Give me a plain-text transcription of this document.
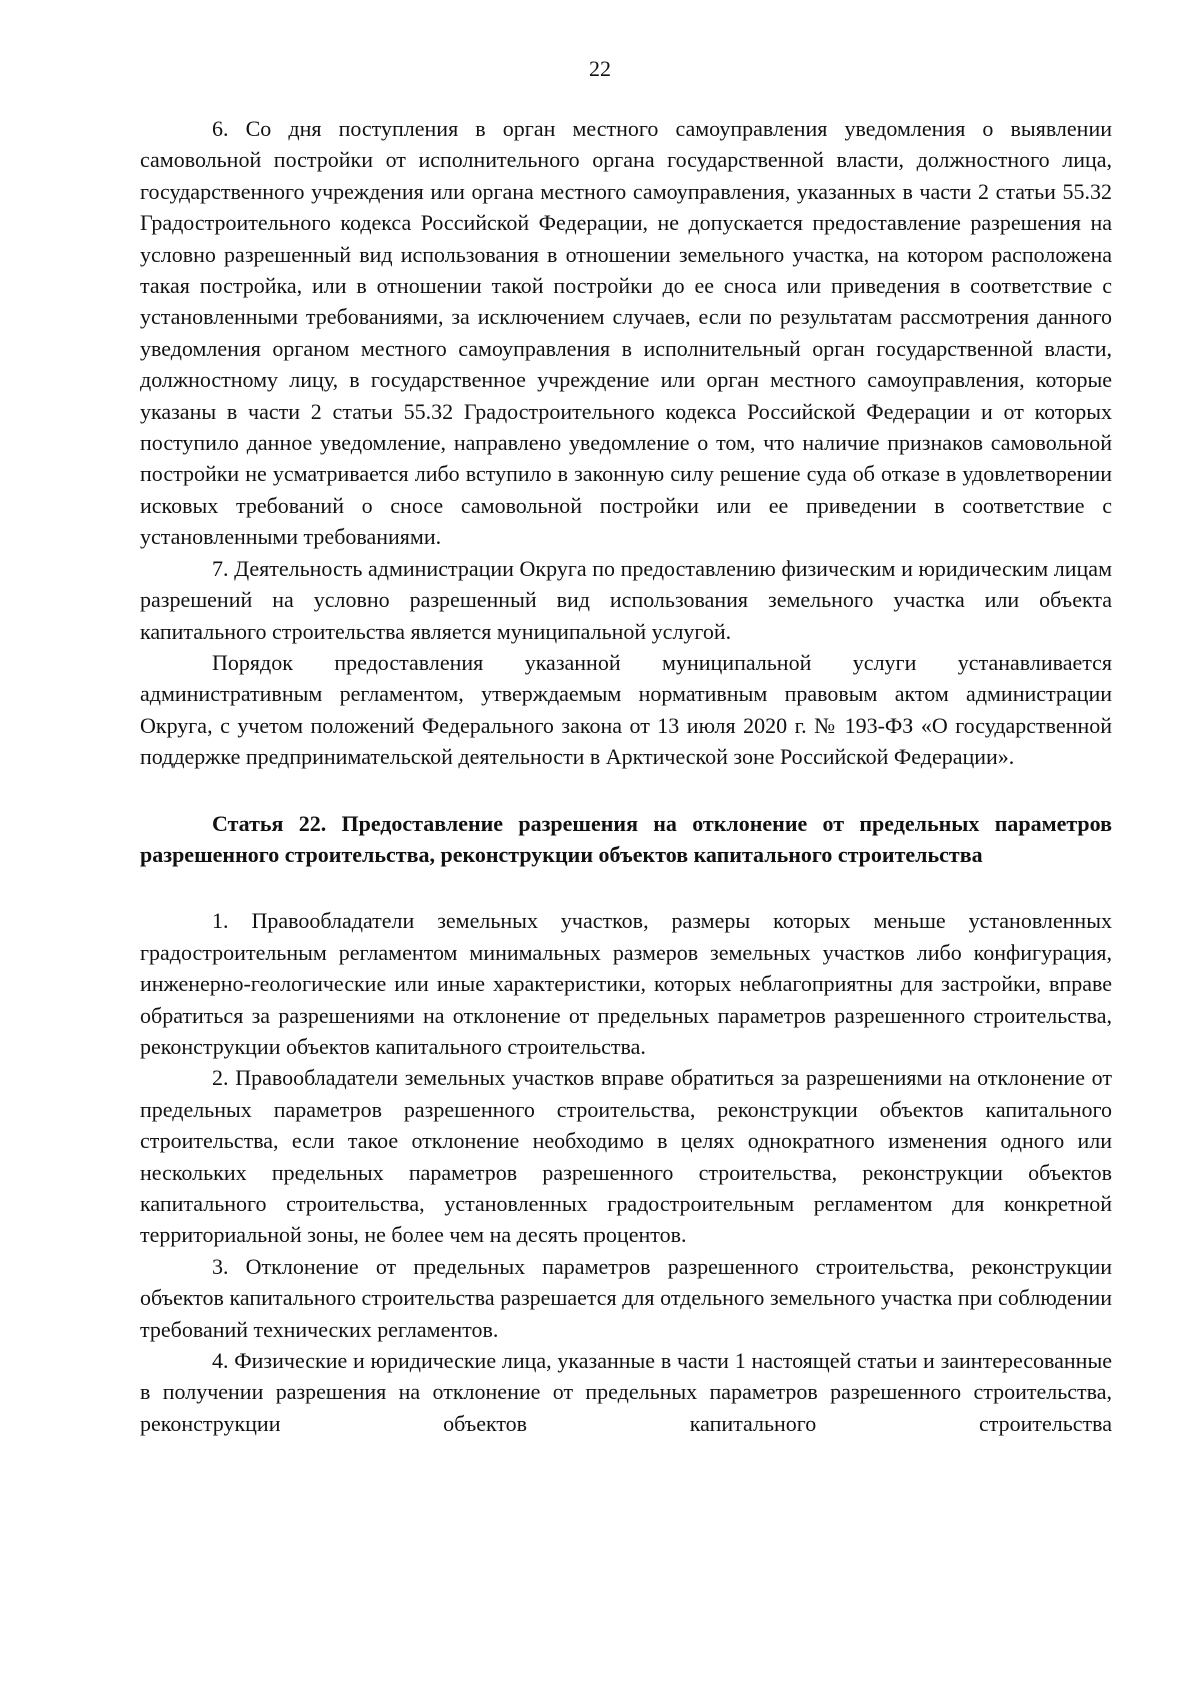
22

6. Со дня поступления в орган местного самоуправления уведомления о выявлении самовольной постройки от исполнительного органа государственной власти, должностного лица, государственного учреждения или органа местного самоуправления, указанных в части 2 статьи 55.32 Градостроительного кодекса Российской Федерации, не допускается предоставление разрешения на условно разрешенный вид использования в отношении земельного участка, на котором расположена такая постройка, или в отношении такой постройки до ее сноса или приведения в соответствие с установленными требованиями, за исключением случаев, если по результатам рассмотрения данного уведомления органом местного самоуправления в исполнительный орган государственной власти, должностному лицу, в государственное учреждение или орган местного самоуправления, которые указаны в части 2 статьи 55.32 Градостроительного кодекса Российской Федерации и от которых поступило данное уведомление, направлено уведомление о том, что наличие признаков самовольной постройки не усматривается либо вступило в законную силу решение суда об отказе в удовлетворении исковых требований о сносе самовольной постройки или ее приведении в соответствие с установленными требованиями.

7. Деятельность администрации Округа по предоставлению физическим и юридическим лицам разрешений на условно разрешенный вид использования земельного участка или объекта капитального строительства является муниципальной услугой.

Порядок предоставления указанной муниципальной услуги устанавливается административным регламентом, утверждаемым нормативным правовым актом администрации Округа, с учетом положений Федерального закона от 13 июля 2020 г. № 193-ФЗ «О государственной поддержке предпринимательской деятельности в Арктической зоне Российской Федерации».

Статья 22. Предоставление разрешения на отклонение от предельных параметров разрешенного строительства, реконструкции объектов капитального строительства

1. Правообладатели земельных участков, размеры которых меньше установленных градостроительным регламентом минимальных размеров земельных участков либо конфигурация, инженерно-геологические или иные характеристики, которых неблагоприятны для застройки, вправе обратиться за разрешениями на отклонение от предельных параметров разрешенного строительства, реконструкции объектов капитального строительства.

2. Правообладатели земельных участков вправе обратиться за разрешениями на отклонение от предельных параметров разрешенного строительства, реконструкции объектов капитального строительства, если такое отклонение необходимо в целях однократного изменения одного или нескольких предельных параметров разрешенного строительства, реконструкции объектов капитального строительства, установленных градостроительным регламентом для конкретной территориальной зоны, не более чем на десять процентов.

3. Отклонение от предельных параметров разрешенного строительства, реконструкции объектов капитального строительства разрешается для отдельного земельного участка при соблюдении требований технических регламентов.

4. Физические и юридические лица, указанные в части 1 настоящей статьи и заинтересованные в получении разрешения на отклонение от предельных параметров разрешенного строительства, реконструкции объектов капитального строительства
